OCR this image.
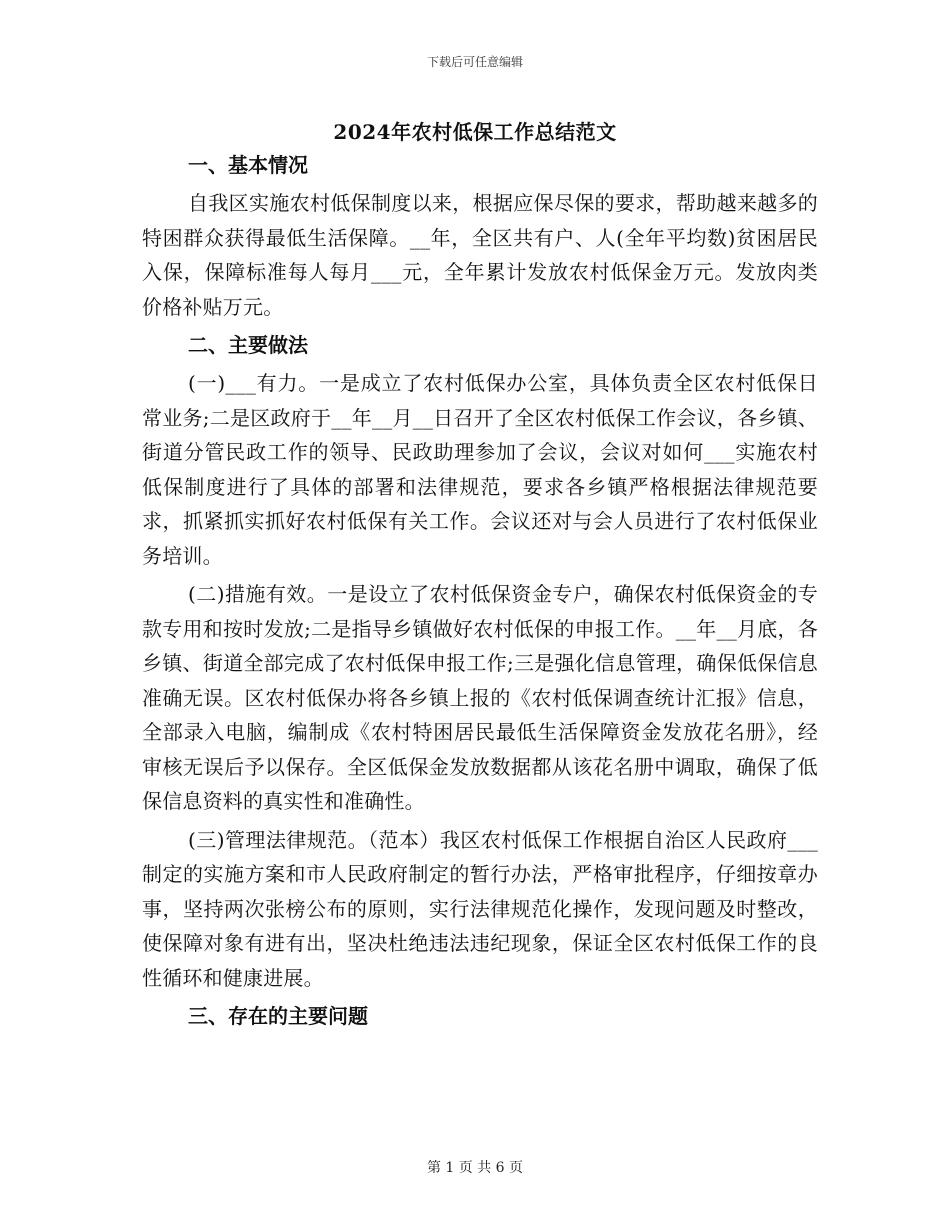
下载后可任意编辑
2024年农村低保工作总结范文
一、基本情况

自我区实施农村低保制度以来，根据应保尽保的要求，帮助越来越多的特困群众获得最低生活保障。__年，全区共有户、人(全年平均数)贫困居民入保，保障标准每人每月___元，全年累计发放农村低保金万元。发放肉类价格补贴万元。

二、主要做法

(一)___有力。一是成立了农村低保办公室，具体负责全区农村低保日常业务;二是区政府于__年__月__日召开了全区农村低保工作会议，各乡镇、街道分管民政工作的领导、民政助理参加了会议，会议对如何___实施农村低保制度进行了具体的部署和法律规范，要求各乡镇严格根据法律规范要求，抓紧抓实抓好农村低保有关工作。会议还对与会人员进行了农村低保业务培训。

(二)措施有效。一是设立了农村低保资金专户，确保农村低保资金的专款专用和按时发放;二是指导乡镇做好农村低保的申报工作。__年__月底，各乡镇、街道全部完成了农村低保申报工作;三是强化信息管理，确保低保信息准确无误。区农村低保办将各乡镇上报的《农村低保调查统计汇报》信息，全部录入电脑，编制成《农村特困居民最低生活保障资金发放花名册》，经审核无误后予以保存。全区低保金发放数据都从该花名册中调取，确保了低保信息资料的真实性和准确性。

(三)管理法律规范。（范本）我区农村低保工作根据自治区人民政府___制定的实施方案和市人民政府制定的暂行办法，严格审批程序，仔细按章办事，坚持两次张榜公布的原则，实行法律规范化操作，发现问题及时整改，使保障对象有进有出，坚决杜绝违法违纪现象，保证全区农村低保工作的良性循环和健康进展。

三、存在的主要问题
第 1 页 共 6 页
